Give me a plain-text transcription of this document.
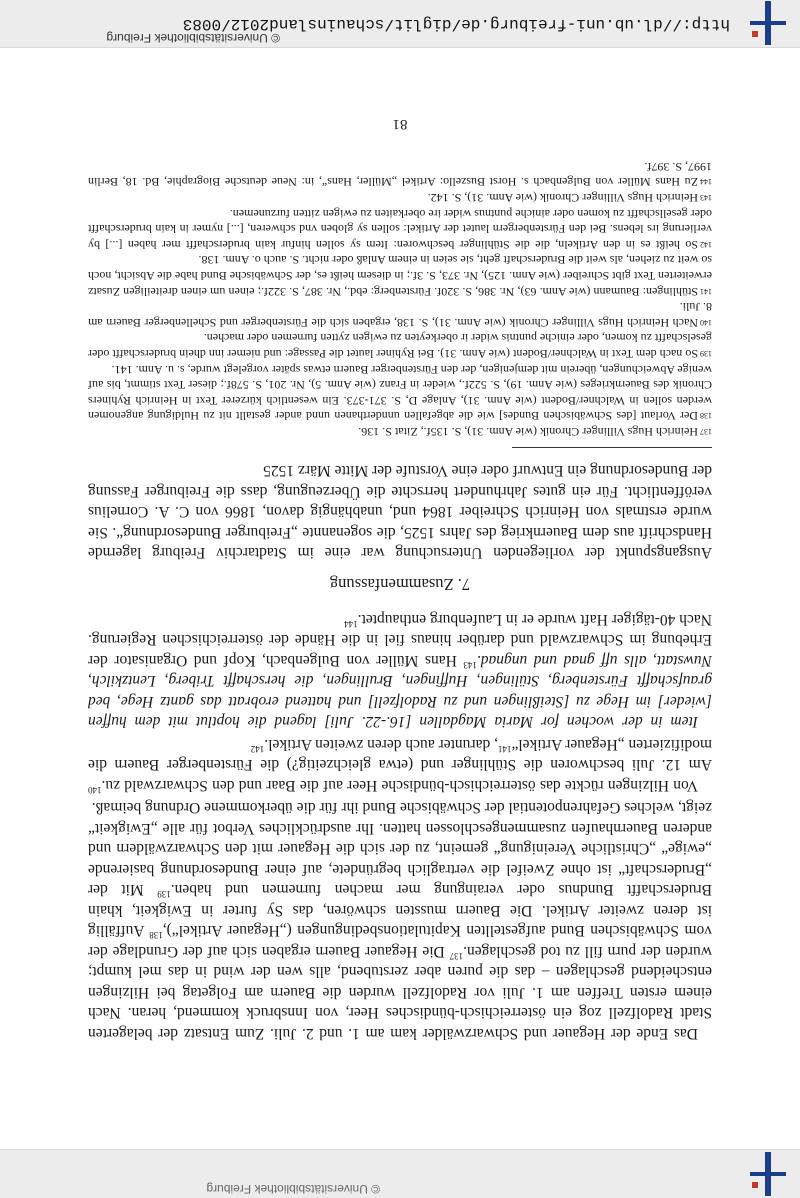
Das Ende der Hegauer und Schwarzwälder kam am 1. und 2. Juli. Zum Entsatz der belagerten Stadt Radolfzell zog ein österreichisch-bündisches Heer, von Innsbruck kommend, heran. Nach einem ersten Treffen am 1. Juli vor Radolfzell wurden die Bauern am Folgetag bei Hilzingen entscheidend geschlagen – das die puren aber zerstubend, alls wen der wind in das mel kumpt; wurden der purn fill zu tod geschlagen.$^{137}$ Die Hegauer Bauern ergaben sich auf der Grundlage der vom Schwäbischen Bund aufgestellten Kapitulationsbedingungen („Hegauer Artikel“),$^{138}$ Auffällig ist deren zweiter Artikel. Die Bauern mussten schwören, das Sy furter in Ewigkeit, khain Bruderschafft Bundnus oder veraingung mer machen furnemen und haben.$^{139}$ Mit der „Bruderschaft“ ist ohne Zweifel die vertraglich begründete, auf einer Bundesordnung basierende „ewige“ „Christliche Vereinigung“ gemeint, zu der sich die Hegauer mit den Schwarzwäldern und anderen Bauernhaufen zusammengeschlossen hatten. Ihr ausdrückliches Verbot für alle „Ewigkeit“ zeigt, welches Gefahrenpotential der Schwäbische Bund ihr für die überkommene Ordnung beimaß.

Von Hilzingen rückte das österreichisch-bündische Heer auf die Baar und den Schwarzwald zu.$^{140}$ Am 12. Juli beschworen die Stühlinger und (etwa gleichzeitig?) die Fürstenberger Bauern die modifizierten „Hegauer Artikel“$^{141}$, darunter auch deren zweiten Artikel.$^{142}$

Item in der wochen for Maria Magdallen [16.-22. Juli] lagend die hoptlut mit dem huffen [wieder] im Hege zu [Steißlingen und zu Radolfzell] und hattend erobratt das gantz Hege, bed graufschafft Fürstenberg, Stülingen, Huffingen, Brullingen, die herschafft Triberg, Lentzkilch, Nuwstatt, alls uff gnad und ungnad.$^{143}$ Hans Müller von Bulgenbach, Kopf und Organisator der Erhebung im Schwarzwald und darüber hinaus fiel in die Hände der österreichischen Regierung. Nach 40-tägiger Haft wurde er in Laufenburg enthauptet.$^{144}$

7. Zusammenfassung

Ausgangspunkt der vorliegenden Untersuchung war eine im Stadtarchiv Freiburg lagernde Handschrift aus dem Bauernkrieg des Jahrs 1525, die sogenannte „Freiburger Bundesordnung“. Sie wurde erstmals von Heinrich Schreiber 1864 und, unabhängig davon, 1866 von C. A. Cornelius veröffentlicht. Für ein gutes Jahrhundert herrschte die Überzeugung, dass die Freiburger Fassung der Bundesordnung ein Entwurf oder eine Vorstufe der Mitte März 1525

$^{137}$Heinrich Hugs Villinger Chronik (wie Anm. 31), S. 135f., Zitat S. 136.

$^{138}$Der Vorlaut [des Schwäbischen Bundes] wie die abgefallen unnderthanen unnd ander gestallt nit zu Huldigung angenomen werden sollen in Walchner/Bodent (wie Anm. 31), Anlage D, S. 371-373. Ein wesentlich kürzerer Text in Heinrich Ryhiners Chronik des Bauernkrieges (wie Anm. 19), S. 522f., wieder in Franz (wie Anm. 5), Nr. 201, S. 578f.; dieser Text stimmt, bis auf wenige Abweichungen, überein mit demjenigen, der den Fürstenberger Bauern etwas später vorgelegt wurde, s. u. Anm. 141.

$^{139}$So nach dem Text in Walchner/Bodent (wie Anm. 31). Bei Ryhiner lautet die Passage: und niemer inn dhein bruderschafft oder geselschafft zu komen, oder einiche puntnis wider ir oberkeyten zu ewigen zytten furnemen oder machen.

$^{140}$Nach Heinrich Hugs Villinger Chronik (wie Anm. 31), S. 138, ergaben sich die Fürstenberger und Schellenberger Bauern am 8. Juli.

$^{141}$Stühlingen: Baumann (wie Anm. 63), Nr. 386, S. 320f. Fürstenberg: ebd., Nr. 387, S. 322f.; einen um einen dreiteiligen Zusatz erweiterten Text gibt Schreiber (wie Anm. 125), Nr. 373, S. 3f.; in diesem heißt es, der Schwäbische Bund habe die Absicht, noch so weit zu ziehen, als weit die Bruderschaft geht, sie seien in einem Anlaß oder nicht. S. auch o. Anm. 138.

$^{142}$So heißt es in den Artikeln, die die Stühlinger beschworen: Item sy sollen hinfur kain bruderschafft mer haben [...] by verlierung irs lebens. Bei den Fürstenbergern lautet der Artikel: sollen sy globen vnd schweren, [...] nymer in kain bruderschafft oder gesellschafft zu komen oder ainiche puntnus wider ire oberkaiten zu ewigen zitten furzunemen.

$^{143}$Heinrich Hugs Villinger Chronik (wie Anm. 31), S. 142.

$^{144}$Zu Hans Müller von Bulgenbach s. Horst Buszello: Artikel „Müller, Hans“, in: Neue deutsche Biographie, Bd. 18, Berlin 1997, S. 397f.

81
http://dl.ub.uni-freiburg.de/diglit/schauinsland2012/0083
© Universitätsbibliothek Freiburg
© Universitätsbibliothek Freiburg
